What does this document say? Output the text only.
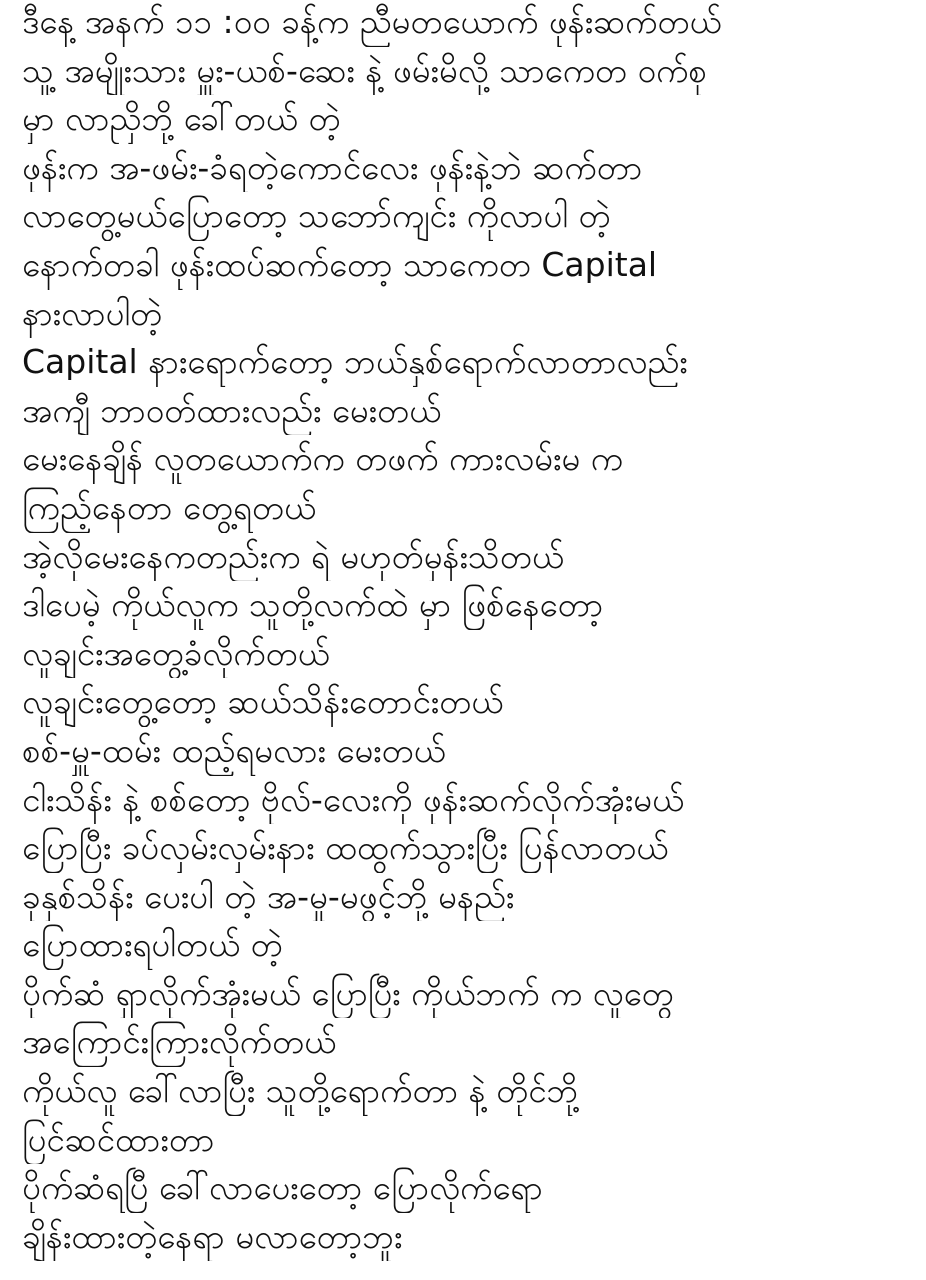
ဒီနေ့ အနက် ၁၁ :၀၀ ခန့်က ညီမတယောက် ဖုန်းဆက်တယ်
သူ့ အမျိုးသား မှူး-ယစ်-ဆေး နဲ့ ဖမ်းမိလို့ သာကေတ ဝက်စု
မှာ လာညှိဘို့ ခေါ်တယ် တဲ့
ဖုန်းက အ-ဖမ်း-ခံရတဲ့ကောင်လေး ဖုန်းနဲ့ဘဲ ဆက်တာ
လာတွေ့မယ်ပြောတော့ သဘော်ကျင်း ကိုလာပါ တဲ့
နောက်တခါ ဖုန်းထပ်ဆက်တော့ သာကေတ Capital
နားလာပါတဲ့
Capital နားရောက်တော့ ဘယ်နှစ်ရောက်လာတာလည်း
အကျီ ဘာဝတ်ထားလည်း မေးတယ်
မေးနေချိန် လူတယောက်က တဖက် ကားလမ်းမ က
ကြည့်နေတာ တွေ့ရတယ်
အဲ့လိုမေးနေကတည်းက ရဲ မဟုတ်မှန်းသိတယ်
ဒါပေမဲ့ ကိုယ်လူက သူတို့လက်ထဲ မှာ ဖြစ်နေတော့
လူချင်းအတွေ့ခံလိုက်တယ်
လူချင်းတွေ့တော့ ဆယ်သိန်းတောင်းတယ်
စစ်-မှူ-ထမ်း ထည့်ရမလား မေးတယ်
ငါးသိန်း နဲ့ စစ်တော့ ဗိုလ်-လေးကို ဖုန်းဆက်လိုက်အုံးမယ်
ပြောပြီး ခပ်လှမ်းလှမ်းနား ထထွက်သွားပြီး ပြန်လာတယ်
ခုနှစ်သိန်း ပေးပါ တဲ့ အ-မှု-မဖွင့်ဘို့ မနည်း
ပြောထားရပါတယ် တဲ့
ပိုက်ဆံ ရှာလိုက်အုံးမယ် ပြောပြီး ကိုယ်ဘက် က လူတွေ
အကြောင်းကြားလိုက်တယ်
ကိုယ်လူ ခေါ်လာပြီး သူတို့ရောက်တာ နဲ့ တိုင်ဘို့
ပြင်ဆင်ထားတာ
ပိုက်ဆံရပြီ ခေါ်လာပေးတော့ ပြောလိုက်ရော
ချိန်းထားတဲ့နေရာ မလာတော့ဘူး
